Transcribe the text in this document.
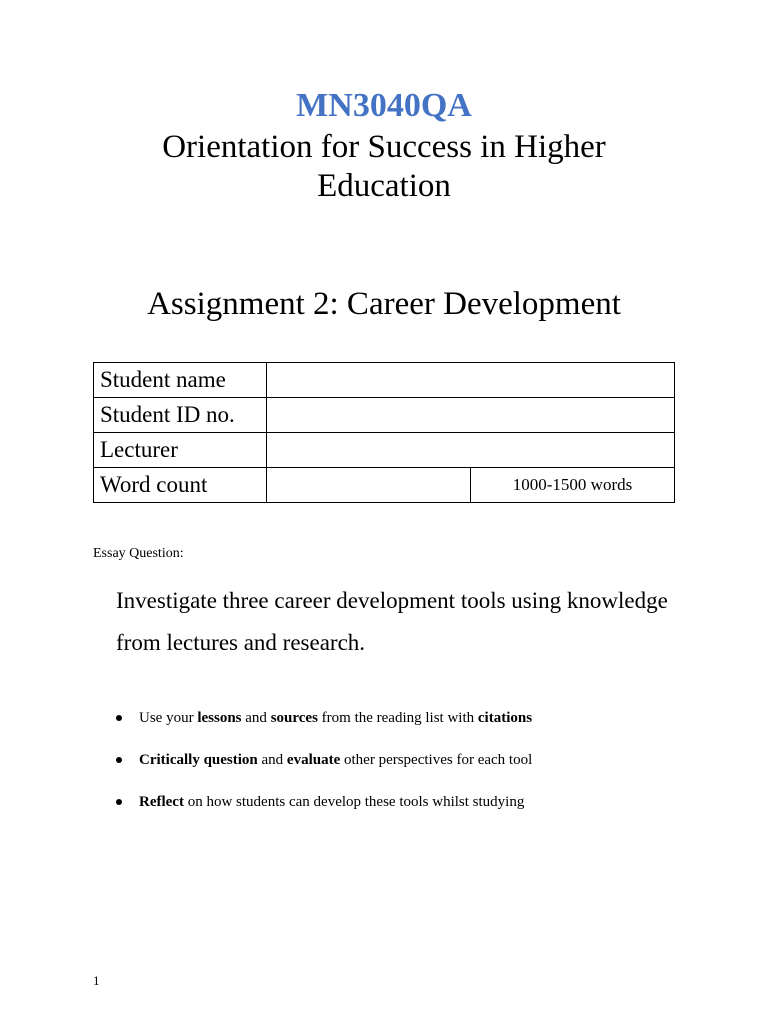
MN3040QA
Orientation for Success in Higher Education
Assignment 2: Career Development
Student name		
Student ID no.		
Lecturer		
Word count		1000-1500 words
Essay Question:
Investigate three career development tools using knowledge from lectures and research.
Use your lessons and sources from the reading list with citations
Critically question and evaluate other perspectives for each tool
Reflect on how students can develop these tools whilst studying
1
